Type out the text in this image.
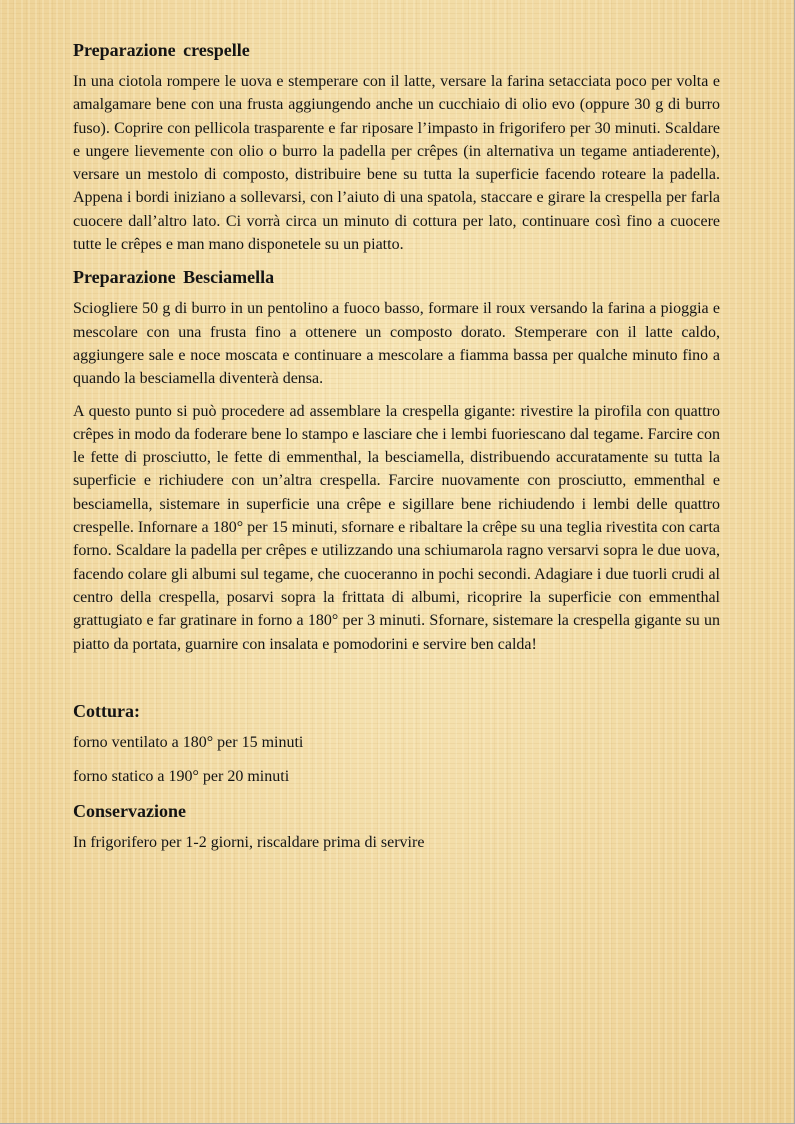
Preparazione crespelle

In una ciotola rompere le uova e stemperare con il latte, versare la farina setacciata poco per volta e amalgamare bene con una frusta aggiungendo anche un cucchiaio di olio evo (oppure 30 g di burro fuso). Coprire con pellicola trasparente e far riposare l’impasto in frigorifero per 30 minuti. Scaldare e ungere lievemente con olio o burro la padella per crêpes (in alternativa un tegame antiaderente), versare un mestolo di composto, distribuire bene su tutta la superficie facendo roteare la padella. Appena i bordi iniziano a sollevarsi, con l’aiuto di una spatola, staccare e girare la crespella per farla cuocere dall’altro lato. Ci vorrà circa un minuto di cottura per lato, continuare così fino a cuocere tutte le crêpes e man mano disponetele su un piatto.

Preparazione Besciamella

Sciogliere 50 g di burro in un pentolino a fuoco basso, formare il roux versando la farina a pioggia e mescolare con una frusta fino a ottenere un composto dorato. Stemperare con il latte caldo, aggiungere sale e noce moscata e continuare a mescolare a fiamma bassa per qualche minuto fino a quando la besciamella diventerà densa.

A questo punto si può procedere ad assemblare la crespella gigante: rivestire la pirofila con quattro crêpes in modo da foderare bene lo stampo e lasciare che i lembi fuoriescano dal tegame. Farcire con le fette di prosciutto, le fette di emmenthal, la besciamella, distribuendo accuratamente su tutta la superficie e richiudere con un’altra crespella. Farcire nuovamente con prosciutto, emmenthal e besciamella, sistemare in superficie una crêpe e sigillare bene richiudendo i lembi delle quattro crespelle. Infornare a 180° per 15 minuti, sfornare e ribaltare la crêpe su una teglia rivestita con carta forno. Scaldare la padella per crêpes e utilizzando una schiumarola ragno versarvi sopra le due uova, facendo colare gli albumi sul tegame, che cuoceranno in pochi secondi. Adagiare i due tuorli crudi al centro della crespella, posarvi sopra la frittata di albumi, ricoprire la superficie con emmenthal grattugiato e far gratinare in forno a 180° per 3 minuti. Sfornare, sistemare la crespella gigante su un piatto da portata, guarnire con insalata e pomodorini e servire ben calda!

Cottura:
forno ventilato a 180° per 15 minuti
forno statico a 190° per 20 minuti
Conservazione
In frigorifero per 1-2 giorni, riscaldare prima di servire
